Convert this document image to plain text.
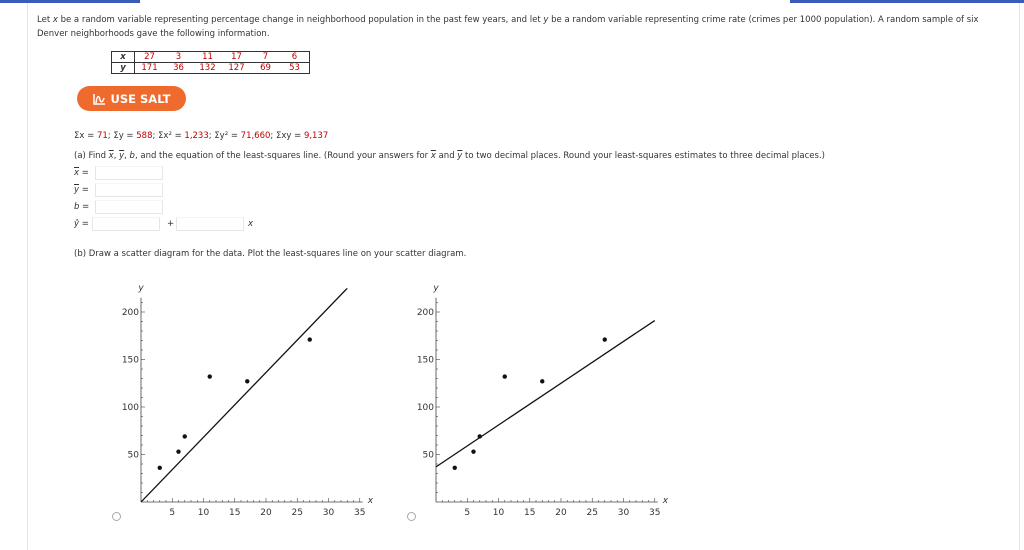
Let x be a random variable representing percentage change in neighborhood population in the past few years, and let y be a random variable representing crime rate (crimes per 1000 population). A random sample of six Denver neighborhoods gave the following information.
x	27	3	11	17	7	6
y	171	36	132	127	69	53
USE SALT
Σx = 71; Σy = 588; Σx² = 1,233; Σy² = 71,660; Σxy = 9,137
(a) Find $\overline{x}$, $\overline{y}$, b, and the equation of the least-squares line. (Round your answers for $\overline{x}$ and $\overline{y}$ to two decimal places. Round your least-squares estimates to three decimal places.)
$\overline{x}$ =
$\overline{y}$ =
b =
ŷ =	+	x
(b) Draw a scatter diagram for the data. Plot the least-squares line on your scatter diagram.
5	10 15 20 25 30 35
50
100
150
200
x
y
5	10 15 20 25 30 35
50
100
150
200
x
y
